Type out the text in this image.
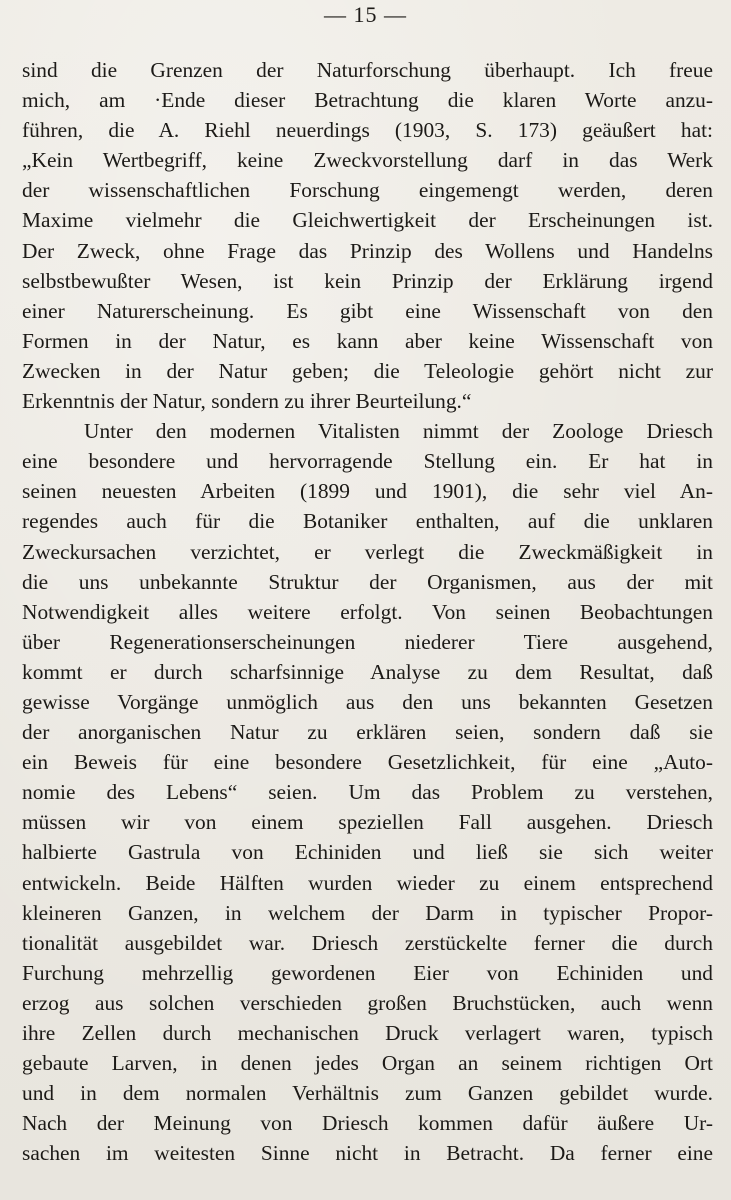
— 15 —

sind die Grenzen der Naturforschung überhaupt. Ich freue
mich, am ·Ende dieser Betrachtung die klaren Worte anzu-
führen, die A. Riehl neuerdings (1903, S. 173) geäußert hat:
„Kein Wertbegriff, keine Zweckvorstellung darf in das Werk
der wissenschaftlichen Forschung eingemengt werden, deren
Maxime vielmehr die Gleichwertigkeit der Erscheinungen ist.
Der Zweck, ohne Frage das Prinzip des Wollens und Handelns
selbstbewußter Wesen, ist kein Prinzip der Erklärung irgend
einer Naturerscheinung. Es gibt eine Wissenschaft von den
Formen in der Natur, es kann aber keine Wissenschaft von
Zwecken in der Natur geben; die Teleologie gehört nicht zur
Erkenntnis der Natur, sondern zu ihrer Beurteilung.“
Unter den modernen Vitalisten nimmt der Zoologe Driesch
eine besondere und hervorragende Stellung ein. Er hat in
seinen neuesten Arbeiten (1899 und 1901), die sehr viel An-
regendes auch für die Botaniker enthalten, auf die unklaren
Zweckursachen verzichtet, er verlegt die Zweckmäßigkeit in
die uns unbekannte Struktur der Organismen, aus der mit
Notwendigkeit alles weitere erfolgt. Von seinen Beobachtungen
über Regenerationserscheinungen niederer Tiere ausgehend,
kommt er durch scharfsinnige Analyse zu dem Resultat, daß
gewisse Vorgänge unmöglich aus den uns bekannten Gesetzen
der anorganischen Natur zu erklären seien, sondern daß sie
ein Beweis für eine besondere Gesetzlichkeit, für eine „Auto-
nomie des Lebens“ seien. Um das Problem zu verstehen,
müssen wir von einem speziellen Fall ausgehen. Driesch
halbierte Gastrula von Echiniden und ließ sie sich weiter
entwickeln. Beide Hälften wurden wieder zu einem entsprechend
kleineren Ganzen, in welchem der Darm in typischer Propor-
tionalität ausgebildet war. Driesch zerstückelte ferner die durch
Furchung mehrzellig gewordenen Eier von Echiniden und
erzog aus solchen verschieden großen Bruchstücken, auch wenn
ihre Zellen durch mechanischen Druck verlagert waren, typisch
gebaute Larven, in denen jedes Organ an seinem richtigen Ort
und in dem normalen Verhältnis zum Ganzen gebildet wurde.
Nach der Meinung von Driesch kommen dafür äußere Ur-
sachen im weitesten Sinne nicht in Betracht. Da ferner eine
